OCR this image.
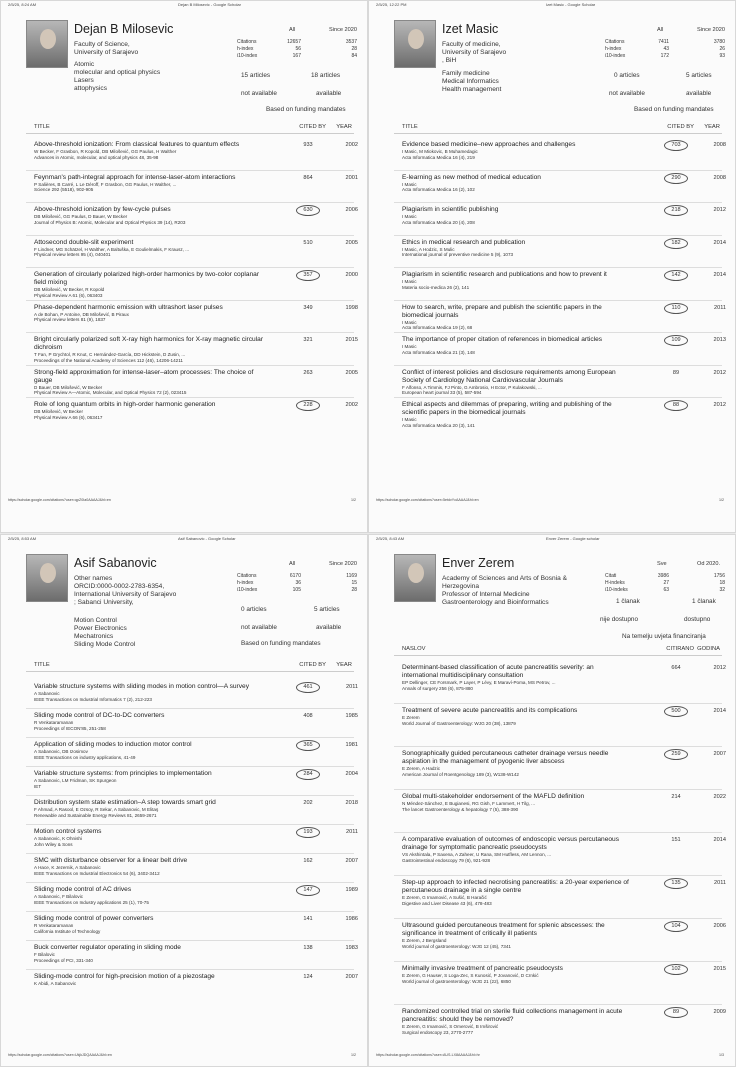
2/5/25, 8:24 AM	Dejan B Milosevic - Google Scholar
Dejan B Milosevic
Faculty of Science,
University of Sarajevo
Atomic
molecular and optical physics
Lasers
attophysics
All	Since 2020
Citations	12657	3537
h-index	56	28
i10-index	167	84
15 articles	18 articles
not available	available
Based on funding mandates
TITLE	CITED BY YEAR
https://scholar.google.com/citations?user=qpZ0Ia0AAAAJ&hl=en	1/2
Above-threshold ionization: From classical features to quantum effects
W Becker, F Grasbon, R Kopold, DB Milošević, GG Paulus, H Walther
Advances in Atomic, molecular, and optical physics 48, 35-98
933	2002
Feynman's path-integral approach for intense-laser-atom interactions
P Salières, B Carré, L Le Déroff, F Grasbon, GG Paulus, H Walther, ...
Science 292 (5518), 902-905
864	2001
Above-threshold ionization by few-cycle pulses
DB Milošević, GG Paulus, D Bauer, W Becker
Journal of Physics B: Atomic, Molecular and Optical Physics 39 (14), R203
630	2006
Attosecond double-slit experiment
F Lindner, MG Schätzel, H Walther, A Baltuška, E Goulielmakis, F Krausz, ...
Physical review letters 95 (4), 040401
510	2005
Generation of circularly polarized high-order harmonics by two-color coplanar
field mixing
DB Milošević, W Becker, R Kopold
Physical Review A 61 (6), 063403
357	2000
Phase-dependent harmonic emission with ultrashort laser pulses
A de Bohan, P Antoine, DB Milošević, B Piraux
Physical review letters 81 (9), 1837
349	1998
Bright circularly polarized soft X-ray high harmonics for X-ray magnetic circular
dichroism
T Fan, P Grychtol, R Knut, C Hernández-García, DD Hickstein, D Zusin, ...
Proceedings of the National Academy of Sciences 112 (46), 14206-14211
321	2015
Strong-field approximation for intense-laser–atom processes: The choice of
gauge
D Bauer, DB Milošević, W Becker
Physical Review A—Atomic, Molecular, and Optical Physics 72 (2), 023415
263	2005
Role of long quantum orbits in high-order harmonic generation
DB Milošević, W Becker
Physical Review A 66 (6), 063417
228	2002
2/5/25, 12:22 PM	Izet Masic - Google Scholar
Izet Masic
Faculty of medicine,
University of Sarajevo
, BiH
Family medicine
Medical Informatics
Health management
All	Since 2020
Citations	7411	3780
h-index	43	26
i10-index	172	93
0 articles	5 articles
not available	available
Based on funding mandates
TITLE	CITED BY YEAR
https://scholar.google.com/citations?user=5etdvYcAAAAJ&hl=en	1/2
Evidence based medicine–new approaches and challenges
I Masic, M Miokovic, B Muhamedagic
Acta Informatica Medica 16 (4), 219
703	2008
E-learning as new method of medical education
I Masic
Acta Informatica Medica 16 (2), 102
290	2008
Plagiarism in scientific publishing
I Masic
Acta Informatica Medica 20 (4), 208
218	2012
Ethics in medical research and publication
I Masic, A Hodzic, S Mulic
International journal of preventive medicine 5 (9), 1073
182	2014
Plagiarism in scientific research and publications and how to prevent it
I Masic
Materia socio-medica 26 (2), 141
142	2014
How to search, write, prepare and publish the scientific papers in the
biomedical journals
I Masic
Acta Informatica Medica 19 (2), 68
110	2011
The importance of proper citation of references in biomedical articles
I Masic
Acta Informatica Medica 21 (3), 148
109	2013
Conflict of interest policies and disclosure requirements among European
Society of Cardiology National Cardiovascular Journals
F Alfonso, A Timmis, FJ Pinto, G Ambrosio, H Ector, P Kulakowski, ...
European heart journal 33 (5), 587-594
89	2012
Ethical aspects and dilemmas of preparing, writing and publishing of the
scientific papers in the biomedical journals
I Masic
Acta Informatica Medica 20 (3), 141
88	2012
2/5/25, 8:53 AM	Asif Sabanovic - Google Scholar
Asif Sabanovic
Other names
ORCID:0000-0002-2783-6354,
International University of Sarajevo
; Sabanci University,
Motion Control
Power Electronics
Mechatronics
Sliding Mode Control
All	Since 2020
Citations	6170	1169
h-index	36	15
i10-index	105	28
0 articles	5 articles
not available	available
Based on funding mandates
TITLE	CITED BY YEAR
https://scholar.google.com/citations?user=UkjkJDQAAAAJ&hl=en	1/2
Variable structure systems with sliding modes in motion control—A survey
A Sabanovic
IEEE Transactions on Industrial Informatics 7 (2), 212-223
461	2011
Sliding mode control of DC-to-DC converters
R Venkataramanan
Proceedings of IECON'85, 251-258
408	1985
Application of sliding modes to induction motor control
A Sabanovic, DB Izosimov
IEEE Transactions on industry applications, 41-49
365	1981
Variable structure systems: from principles to implementation
A Sabanovic, LM Fridman, SK Spurgeon
IET
284	2004
Distribution system state estimation–A step towards smart grid
F Ahmad, A Rasool, E Ozsoy, R Sekar, A Sabanovic, M Elitaş
Renewable and Sustainable Energy Reviews 81, 2659-2671
202	2018
Motion control systems
A Sabanovic, K Ohnishi
John Wiley & Sons
193	2011
SMC with disturbance observer for a linear belt drive
A Hace, K Jezernik, A Sabanovic
IEEE Transactions on Industrial Electronics 54 (6), 3402-3412
162	2007
Sliding mode control of AC drives
A Sabanovic, F Bilalovic
IEEE Transactions on Industry applications 25 (1), 70-75
147	1989
Sliding mode control of power converters
R Venkataramanan
California Institute of Technology
141	1986
Buck converter regulator operating in sliding mode
F Bilalovic
Proceedings of PCI, 331-340
138	1983
Sliding-mode control for high-precision motion of a piezostage
K Abidi, A Sabanovic
124	2007
2/5/25, 8:43 AM	Enver Zerem - Google scholar
Enver Zerem
Academy of Sciences and Arts of Bosnia &
Herzegovina
Professor of Internal Medicine
Gastroenterology and Bioinformatics
Sve	Od 2020.
Citati	3986	1756
H-indeks	27	18
i10-indeks	63	32
1 članak	1 članak
nije dostupno	dostupno
Na temelju uvjeta financiranja
NASLOV	CITIRANO GODINA
https://scholar.google.com/citations?user=AUS-LX8AAAAJ&hl=hr	1/3
Determinant-based classification of acute pancreatitis severity: an
international multidisciplinary consultation
EP Dellinger, CE Forsmark, P Layer, P Lévy, E Maraví-Poma, MS Petrov, ...
Annals of surgery 256 (6), 875-880
664	2012
Treatment of severe acute pancreatitis and its complications
E Zerem
World Journal of Gastroenterology: WJG 20 (38), 13879
500	2014
Sonographically guided percutaneous catheter drainage versus needle
aspiration in the management of pyogenic liver abscess
E Zerem, A Hadzic
American Journal of Roentgenology 189 (3), W138-W142
259	2007
Global multi-stakeholder endorsement of the MAFLD definition
N Méndez-Sánchez, E Bugianesi, RG Gish, F Lammert, H Tilg, ...
The lancet Gastroenterology & hepatology 7 (5), 388-390
214	2022
A comparative evaluation of outcomes of endoscopic versus percutaneous
drainage for symptomatic pancreatic pseudocysts
VS Akshintala, P Saxena, A Zaheer, U Rana, SM Hutfless, AM Lennon, ...
Gastrointestinal endoscopy 79 (6), 921-928
151	2014
Step-up approach to infected necrotising pancreatitis: a 20-year experience of
percutaneous drainage in a single centre
E Zerem, G Imamović, A Sušić, B Haračić
Digestive and Liver Disease 43 (6), 478-483
135	2011
Ultrasound guided percutaneous treatment for splenic abscesses: the
significance in treatment of critically ill patients
E Zerem, J Bergsland
World journal of gastroenterology: WJG 12 (45), 7341
104	2006
Minimally invasive treatment of pancreatic pseudocysts
E Zerem, G Hauser, S Loga-Zec, S Kunosić, P Jovanović, D Crnkić
World journal of gastroenterology: WJG 21 (22), 6850
102	2015
Randomized controlled trial on sterile fluid collections management in acute
pancreatitis: should they be removed?
E Zerem, G Imamović, S Omerović, B Imširović
Surgical endoscopy 23, 2770-2777
89	2009
